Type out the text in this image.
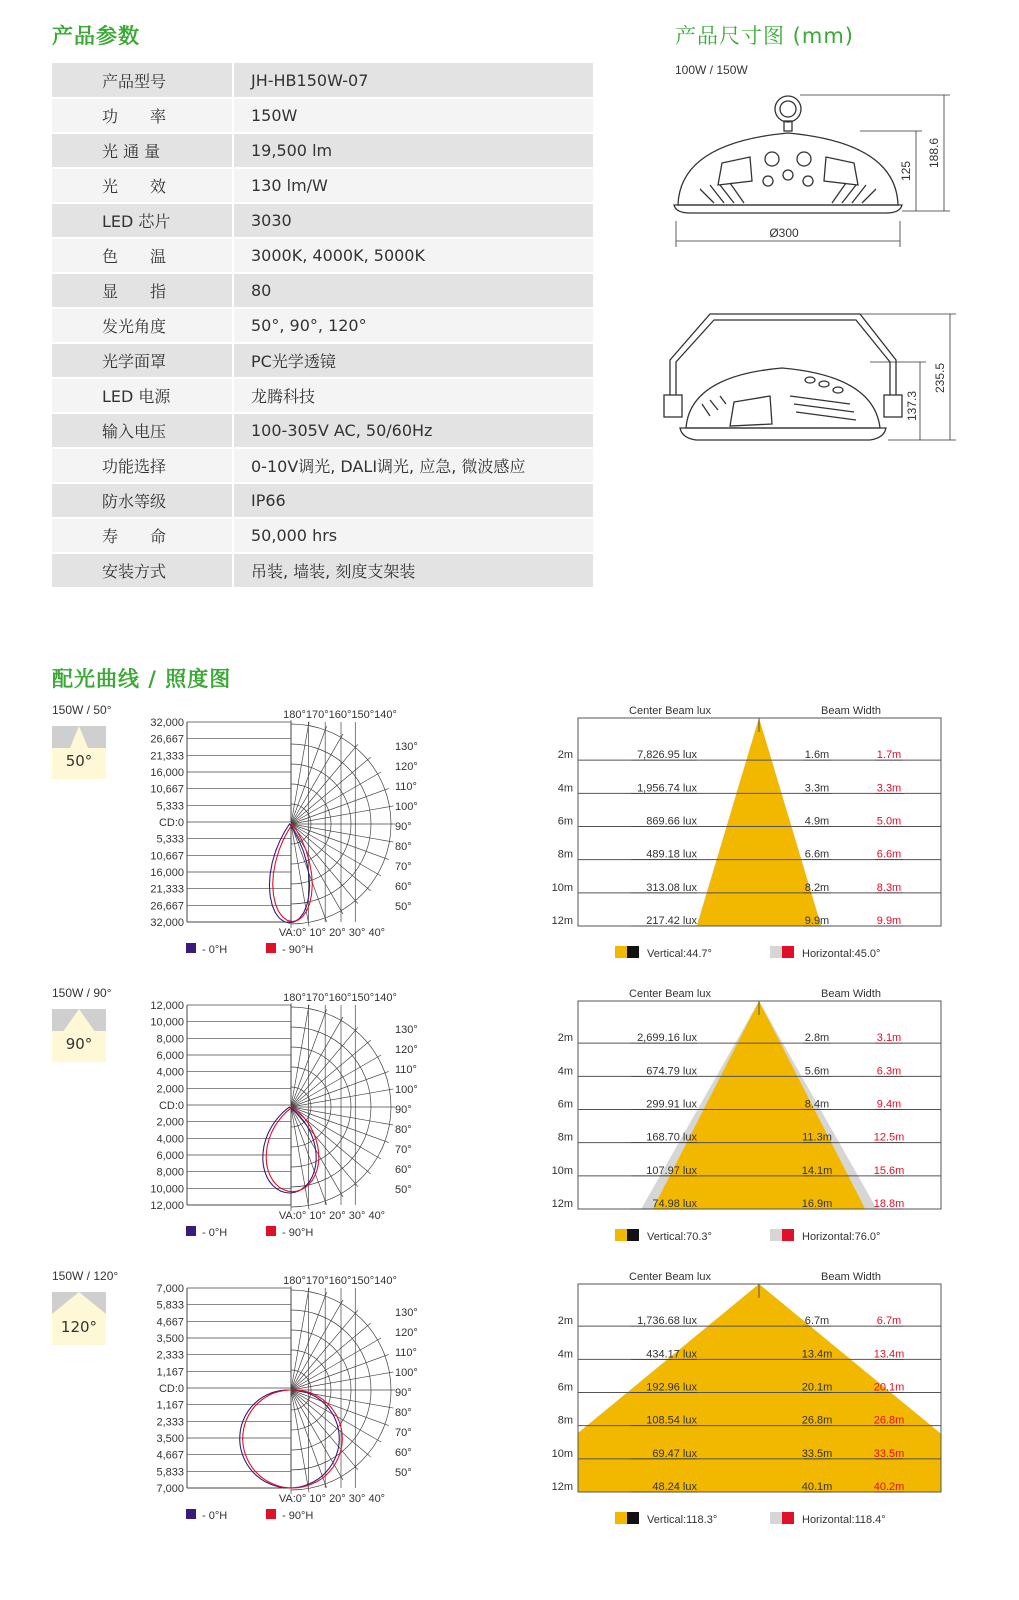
产品参数
产品型号	JH-HB150W-07
功　　率	150W
光 通 量	19,500 lm
光　　效	130 lm/W
LED 芯片	3030
色　　温	3000K, 4000K, 5000K
显　　指	80
发光角度	50°, 90°, 120°
光学面罩	PC光学透镜
LED 电源	龙腾科技
输入电压	100-305V AC, 50/60Hz
功能选择	0-10V调光, DALI调光, 应急, 微波感应
防水等级	IP66
寿　　命	50,000 hrs
安装方式	吊装, 墙装, 刻度支架装
产品尺寸图 (mm)
100W / 150W
Ø300
125
188.6
137.3
235.5
配光曲线 / 照度图
150W / 50°
50°
32,000
26,667
21,333
16,000
10,667
5,333
CD:0
5,333
10,667
16,000
21,333
26,667
32,000
180°170°160°150°140°
VA:0° 10° 20° 30° 40°
130°
120°
110°
100°
90°
80°
70°
60°
50°
- 0°H	- 90°H
Center Beam lux	Beam Width
2m	7,826.95 lux	1.6m	1.7m
4m	1,956.74 lux	3.3m	3.3m
6m	869.66 lux	4.9m	5.0m
8m	489.18 lux	6.6m	6.6m
10m	313.08 lux	8.2m	8.3m
12m	217.42 lux	9.9m	9.9m
Vertical:44.7°	Horizontal:45.0°
150W / 90°
90°
12,000
10,000
8,000
6,000
4,000
2,000
CD:0
2,000
4,000
6,000
8,000
10,000
12,000
180°170°160°150°140°
VA:0° 10° 20° 30° 40°
130°
120°
110°
100°
90°
80°
70°
60°
50°
- 0°H	- 90°H
Center Beam lux	Beam Width
2m	2,699.16 lux	2.8m	3.1m
4m	674.79 lux	5.6m	6.3m
6m	299.91 lux	8.4m	9.4m
8m	168.70 lux	11.3m	12.5m
10m	107.97 lux	14.1m	15.6m
12m	74.98 lux	16.9m	18.8m
Vertical:70.3°	Horizontal:76.0°
150W / 120°
120°
7,000
5,833
4,667
3,500
2,333
1,167
CD:0
1,167
2,333
3,500
4,667
5,833
7,000
180°170°160°150°140°
VA:0° 10° 20° 30° 40°
130°
120°
110°
100°
90°
80°
70°
60°
50°
- 0°H	- 90°H
Center Beam lux	Beam Width
2m	1,736.68 lux	6.7m	6.7m
4m	434.17 lux	13.4m	13.4m
6m	192.96 lux	20.1m	20.1m
8m	108.54 lux	26.8m	26.8m
10m	69.47 lux	33.5m	33.5m
12m	48.24 lux	40.1m	40.2m
Vertical:118.3°	Horizontal:118.4°
